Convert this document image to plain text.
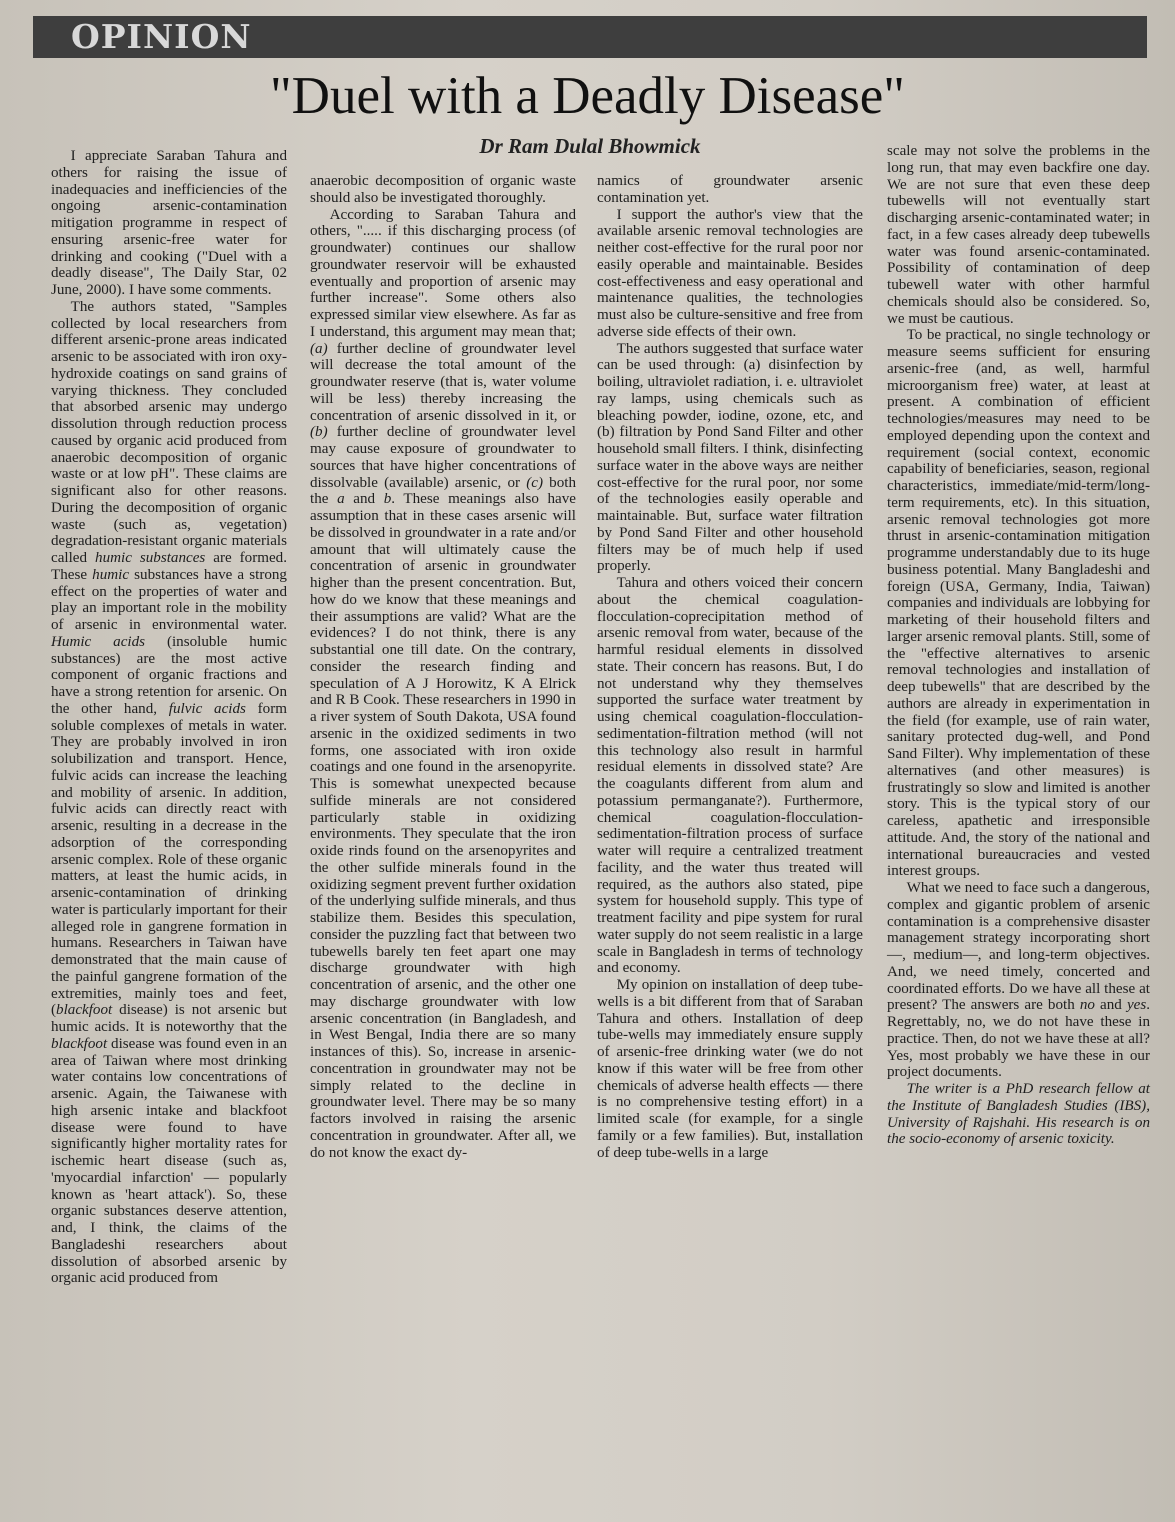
OPINION
"Duel with a Deadly Disease"
Dr Ram Dulal Bhowmick

I appreciate Saraban Tahura and others for raising the issue of inadequacies and inefficiencies of the ongoing arsenic-contamination mitigation programme in respect of ensuring arsenic-free water for drinking and cooking ("Duel with a deadly disease", The Daily Star, 02 June, 2000). I have some comments.

The authors stated, "Samples collected by local researchers from different arsenic-prone areas indicated arsenic to be associated with iron oxy-hydroxide coatings on sand grains of varying thickness. They concluded that absorbed arsenic may undergo dissolution through reduction process caused by organic acid produced from anaerobic decomposition of organic waste or at low pH". These claims are significant also for other reasons. During the decomposition of organic waste (such as, vegetation) degradation-resistant organic materials called humic substances are formed. These humic substances have a strong effect on the properties of water and play an important role in the mobility of arsenic in environmental water. Humic acids (insoluble humic substances) are the most active component of organic fractions and have a strong retention for arsenic. On the other hand, fulvic acids form soluble complexes of metals in water. They are probably involved in iron solubilization and transport. Hence, fulvic acids can increase the leaching and mobility of arsenic. In addition, fulvic acids can directly react with arsenic, resulting in a decrease in the adsorption of the corresponding arsenic complex. Role of these organic matters, at least the humic acids, in arsenic-contamination of drinking water is particularly important for their alleged role in gangrene formation in humans. Researchers in Taiwan have demonstrated that the main cause of the painful gangrene formation of the extremities, mainly toes and feet, (blackfoot disease) is not arsenic but humic acids. It is noteworthy that the blackfoot disease was found even in an area of Taiwan where most drinking water contains low concentrations of arsenic. Again, the Taiwanese with high arsenic intake and blackfoot disease were found to have significantly higher mortality rates for ischemic heart disease (such as, 'myocardial infarction' — popularly known as 'heart attack'). So, these organic substances deserve attention, and, I think, the claims of the Bangladeshi researchers about dissolution of absorbed arsenic by organic acid produced from

anaerobic decomposition of organic waste should also be investigated thoroughly.

According to Saraban Tahura and others, "..... if this discharging process (of groundwater) continues our shallow groundwater reservoir will be exhausted eventually and proportion of arsenic may further increase". Some others also expressed similar view elsewhere. As far as I understand, this argument may mean that; (a) further decline of groundwater level will decrease the total amount of the groundwater reserve (that is, water volume will be less) thereby increasing the concentration of arsenic dissolved in it, or (b) further decline of groundwater level may cause exposure of groundwater to sources that have higher concentrations of dissolvable (available) arsenic, or (c) both the a and b. These meanings also have assumption that in these cases arsenic will be dissolved in groundwater in a rate and/or amount that will ultimately cause the concentration of arsenic in groundwater higher than the present concentration. But, how do we know that these meanings and their assumptions are valid? What are the evidences? I do not think, there is any substantial one till date. On the contrary, consider the research finding and speculation of A J Horowitz, K A Elrick and R B Cook. These researchers in 1990 in a river system of South Dakota, USA found arsenic in the oxidized sediments in two forms, one associated with iron oxide coatings and one found in the arsenopyrite. This is somewhat unexpected because sulfide minerals are not considered particularly stable in oxidizing environments. They speculate that the iron oxide rinds found on the arsenopyrites and the other sulfide minerals found in the oxidizing segment prevent further oxidation of the underlying sulfide minerals, and thus stabilize them. Besides this speculation, consider the puzzling fact that between two tubewells barely ten feet apart one may discharge groundwater with high concentration of arsenic, and the other one may discharge groundwater with low arsenic concentration (in Bangladesh, and in West Bengal, India there are so many instances of this). So, increase in arsenic-concentration in groundwater may not be simply related to the decline in groundwater level. There may be so many factors involved in raising the arsenic concentration in groundwater. After all, we do not know the exact dy-

namics of groundwater arsenic contamination yet.

I support the author's view that the available arsenic removal technologies are neither cost-effective for the rural poor nor easily operable and maintainable. Besides cost-effectiveness and easy operational and maintenance qualities, the technologies must also be culture-sensitive and free from adverse side effects of their own.

The authors suggested that surface water can be used through: (a) disinfection by boiling, ultraviolet radiation, i. e. ultraviolet ray lamps, using chemicals such as bleaching powder, iodine, ozone, etc, and (b) filtration by Pond Sand Filter and other household small filters. I think, disinfecting surface water in the above ways are neither cost-effective for the rural poor, nor some of the technologies easily operable and maintainable. But, surface water filtration by Pond Sand Filter and other household filters may be of much help if used properly.

Tahura and others voiced their concern about the chemical coagulation-flocculation-coprecipitation method of arsenic removal from water, because of the harmful residual elements in dissolved state. Their concern has reasons. But, I do not understand why they themselves supported the surface water treatment by using chemical coagulation-flocculation-sedimentation-filtration method (will not this technology also result in harmful residual elements in dissolved state? Are the coagulants different from alum and potassium permanganate?). Furthermore, chemical coagulation-flocculation-sedimentation-filtration process of surface water will require a centralized treatment facility, and the water thus treated will required, as the authors also stated, pipe system for household supply. This type of treatment facility and pipe system for rural water supply do not seem realistic in a large scale in Bangladesh in terms of technology and economy.

My opinion on installation of deep tube-wells is a bit different from that of Saraban Tahura and others. Installation of deep tube-wells may immediately ensure supply of arsenic-free drinking water (we do not know if this water will be free from other chemicals of adverse health effects — there is no comprehensive testing effort) in a limited scale (for example, for a single family or a few families). But, installation of deep tube-wells in a large

scale may not solve the problems in the long run, that may even backfire one day. We are not sure that even these deep tubewells will not eventually start discharging arsenic-contaminated water; in fact, in a few cases already deep tubewells water was found arsenic-contaminated. Possibility of contamination of deep tubewell water with other harmful chemicals should also be considered. So, we must be cautious.

To be practical, no single technology or measure seems sufficient for ensuring arsenic-free (and, as well, harmful microorganism free) water, at least at present. A combination of efficient technologies/measures may need to be employed depending upon the context and requirement (social context, economic capability of beneficiaries, season, regional characteristics, immediate/mid-term/long-term requirements, etc). In this situation, arsenic removal technologies got more thrust in arsenic-contamination mitigation programme understandably due to its huge business potential. Many Bangladeshi and foreign (USA, Germany, India, Taiwan) companies and individuals are lobbying for marketing of their household filters and larger arsenic removal plants. Still, some of the "effective alternatives to arsenic removal technologies and installation of deep tubewells" that are described by the authors are already in experimentation in the field (for example, use of rain water, sanitary protected dug-well, and Pond Sand Filter). Why implementation of these alternatives (and other measures) is frustratingly so slow and limited is another story. This is the typical story of our careless, apathetic and irresponsible attitude. And, the story of the national and international bureaucracies and vested interest groups.

What we need to face such a dangerous, complex and gigantic problem of arsenic contamination is a comprehensive disaster management strategy incorporating short—, medium—, and long-term objectives. And, we need timely, concerted and coordinated efforts. Do we have all these at present? The answers are both no and yes. Regrettably, no, we do not have these in practice. Then, do not we have these at all? Yes, most probably we have these in our project documents.

The writer is a PhD research fellow at the Institute of Bangladesh Studies (IBS), University of Rajshahi. His research is on the socio-economy of arsenic toxicity.
